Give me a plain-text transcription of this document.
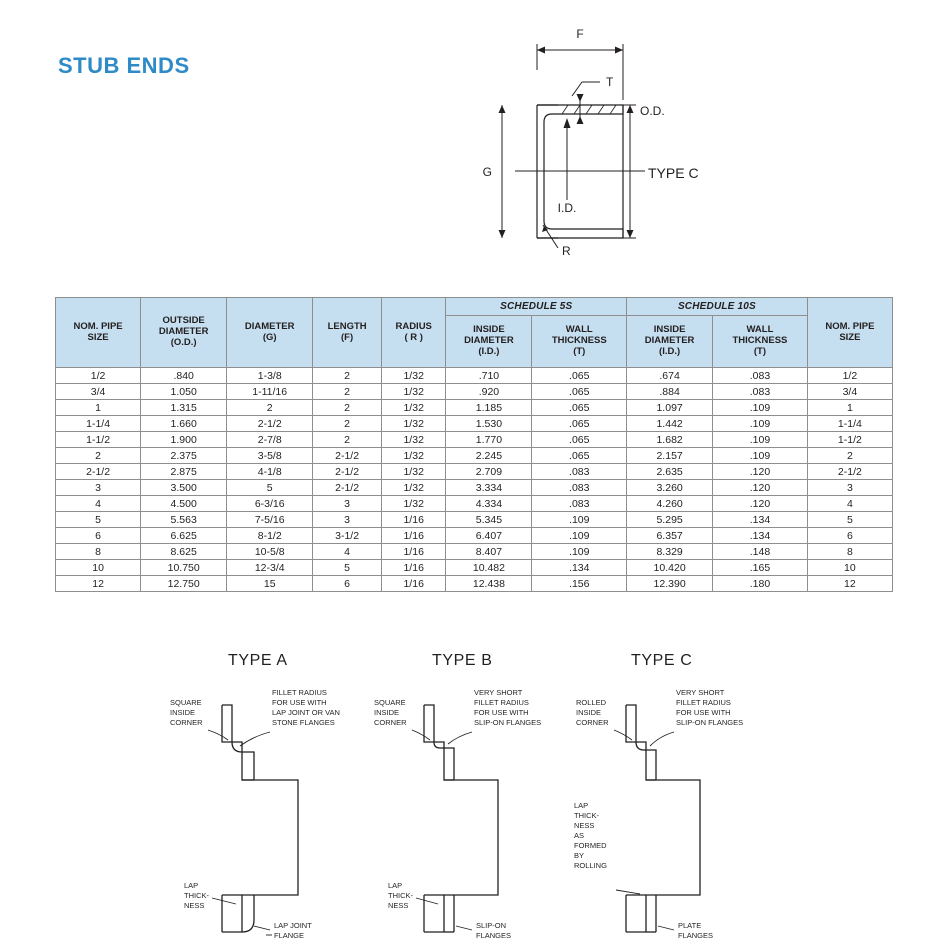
STUB ENDS
F
T
G
O.D.
I.D.
R
TYPE C
NOM. PIPE
SIZE

OUTSIDE
DIAMETER
(O.D.)

DIAMETER
(G)

LENGTH
(F)

RADIUS
( R )
	SCHEDULE 5S	SCHEDULE 10S	
NOM. PIPE
SIZE

INSIDE
DIAMETER
(I.D.)

WALL
THICKNESS
(T)

INSIDE
DIAMETER
(I.D.)

WALL
THICKNESS
(T)

1/2	.840	1-3/8	2	1/32	.710	.065	.674	.083	1/2
3/4	1.050	1-11/16	2	1/32	.920	.065	.884	.083	3/4
1	1.315	2	2	1/32	1.185	.065	1.097	.109	1
1-1/4	1.660	2-1/2	2	1/32	1.530	.065	1.442	.109	1-1/4
1-1/2	1.900	2-7/8	2	1/32	1.770	.065	1.682	.109	1-1/2
2	2.375	3-5/8	2-1/2	1/32	2.245	.065	2.157	.109	2
2-1/2	2.875	4-1/8	2-1/2	1/32	2.709	.083	2.635	.120	2-1/2
3	3.500	5	2-1/2	1/32	3.334	.083	3.260	.120	3
4	4.500	6-3/16	3	1/32	4.334	.083	4.260	.120	4
5	5.563	7-5/16	3	1/16	5.345	.109	5.295	.134	5
6	6.625	8-1/2	3-1/2	1/16	6.407	.109	6.357	.134	6
8	8.625	10-5/8	4	1/16	8.407	.109	8.329	.148	8
10	10.750	12-3/4	5	1/16	10.482	.134	10.420	.165	10
12	12.750	15	6	1/16	12.438	.156	12.390	.180	12
TYPE A	TYPE B	TYPE C
SQUARE
INSIDE
CORNER
FILLET RADIUS
FOR USE WITH
LAP JOINT OR VAN
STONE FLANGES
LAP
THICK-
NESS
LAP JOINT
FLANGE
SQUARE
INSIDE
CORNER
VERY SHORT
FILLET RADIUS
FOR USE WITH
SLIP-ON FLANGES
LAP
THICK-
NESS
SLIP-ON
FLANGES
ROLLED
INSIDE
CORNER
VERY SHORT
FILLET RADIUS
FOR USE WITH
SLIP-ON FLANGES
LAP
THICK-
NESS
AS
FORMED
BY
ROLLING
PLATE
FLANGES
